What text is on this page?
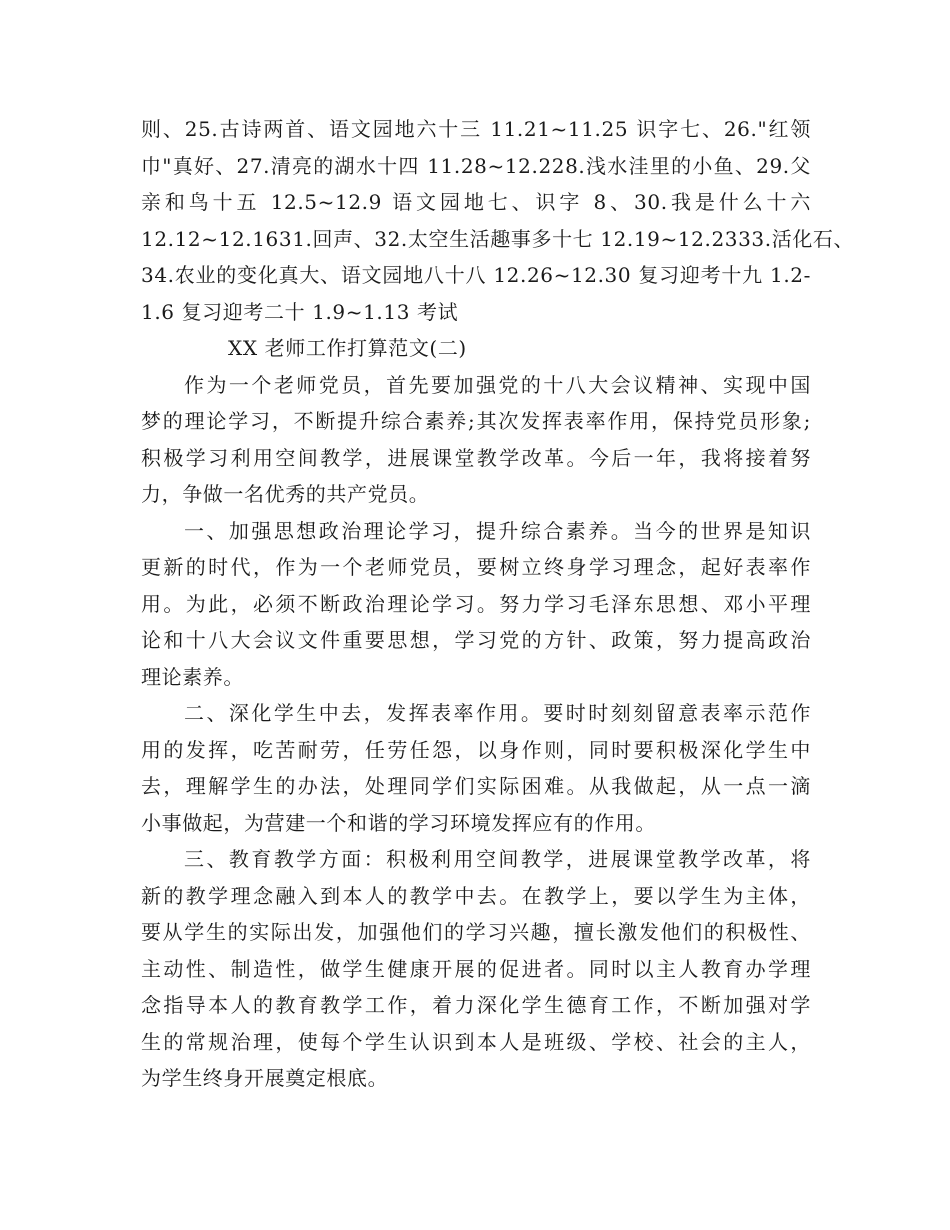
则、25.古诗两首、语文园地六十三 11.21~11.25 识字七、26."红领
巾"真好、27.清亮的湖水十四 11.28~12.228.浅水洼里的小鱼、29.父
亲和鸟十五 12.5~12.9 语文园地七、识字 8、30.我是什么十六
12.12~12.1631.回声、32.太空生活趣事多十七 12.19~12.2333.活化石、
34.农业的变化真大、语文园地八十八 12.26~12.30 复习迎考十九 1.2-
1.6 复习迎考二十 1.9~1.13 考试
XX 老师工作打算范文(二)
作为一个老师党员，首先要加强党的十八大会议精神、实现中国
梦的理论学习，不断提升综合素养;其次发挥表率作用，保持党员形象;
积极学习利用空间教学，进展课堂教学改革。今后一年，我将接着努
力，争做一名优秀的共产党员。
一、加强思想政治理论学习，提升综合素养。当今的世界是知识
更新的时代，作为一个老师党员，要树立终身学习理念，起好表率作
用。为此，必须不断政治理论学习。努力学习毛泽东思想、邓小平理
论和十八大会议文件重要思想，学习党的方针、政策，努力提高政治
理论素养。
二、深化学生中去，发挥表率作用。要时时刻刻留意表率示范作
用的发挥，吃苦耐劳，任劳任怨，以身作则，同时要积极深化学生中
去，理解学生的办法，处理同学们实际困难。从我做起，从一点一滴
小事做起，为营建一个和谐的学习环境发挥应有的作用。
三、教育教学方面：积极利用空间教学，进展课堂教学改革，将
新的教学理念融入到本人的教学中去。在教学上，要以学生为主体，
要从学生的实际出发，加强他们的学习兴趣，擅长激发他们的积极性、
主动性、制造性，做学生健康开展的促进者。同时以主人教育办学理
念指导本人的教育教学工作，着力深化学生德育工作，不断加强对学
生的常规治理，使每个学生认识到本人是班级、学校、社会的主人，
为学生终身开展奠定根底。
